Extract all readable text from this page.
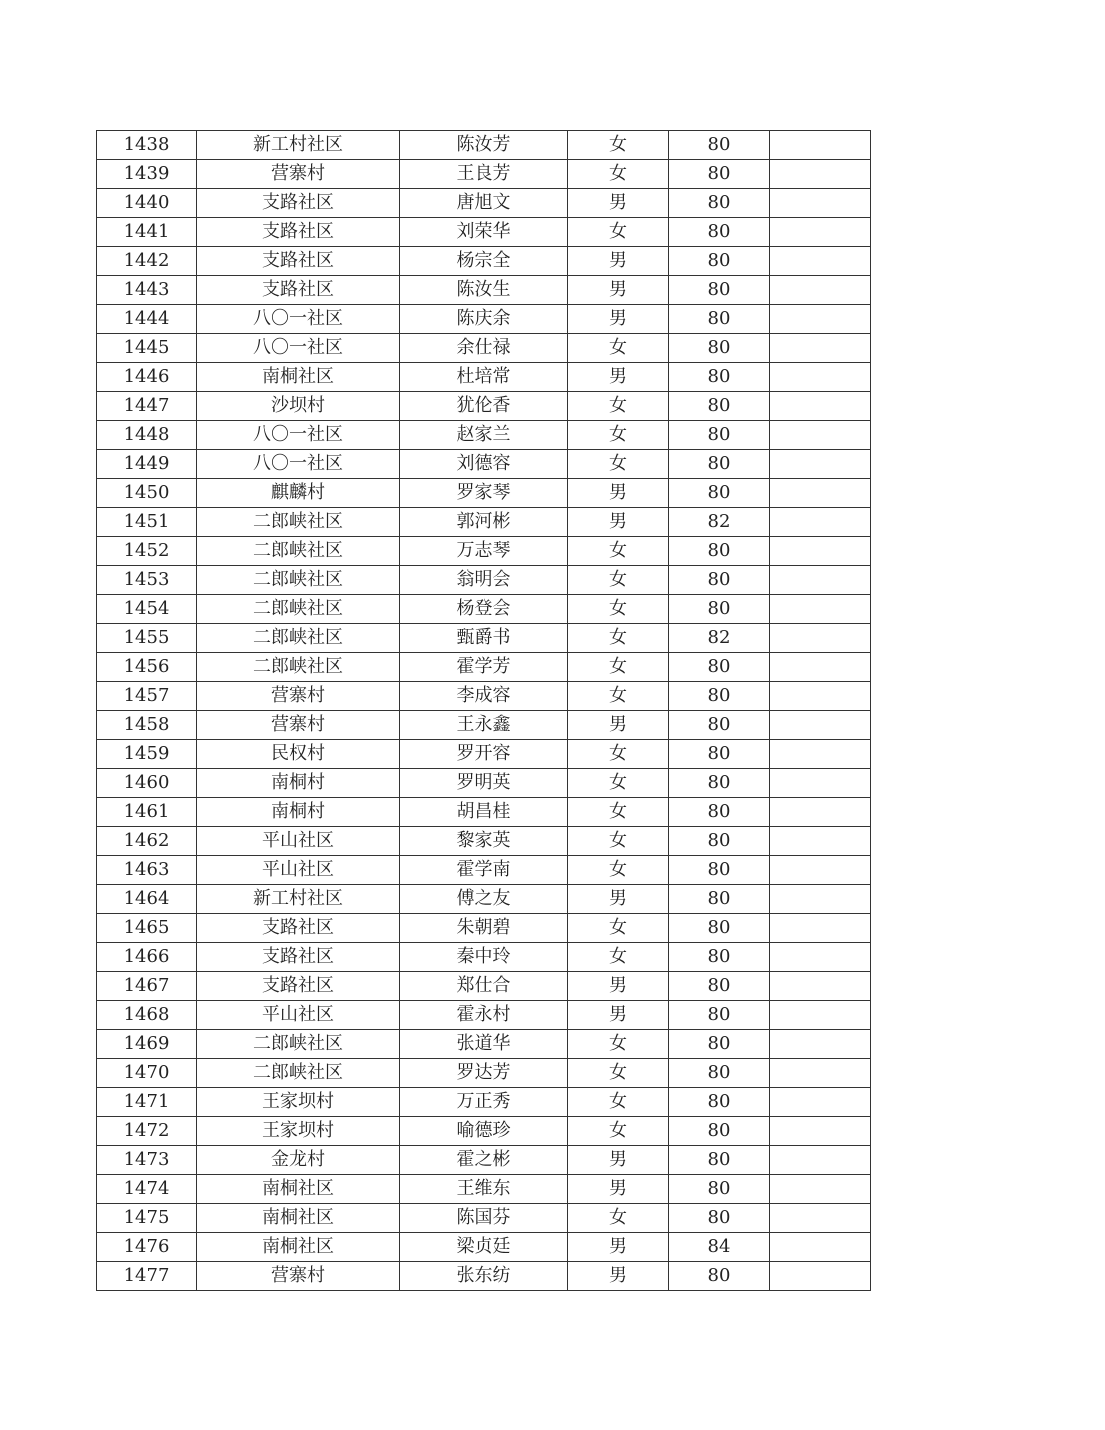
1438	新工村社区	陈汝芳	女	80	
1439	营寨村	王良芳	女	80	
1440	支路社区	唐旭文	男	80	
1441	支路社区	刘荣华	女	80	
1442	支路社区	杨宗全	男	80	
1443	支路社区	陈汝生	男	80	
1444	八〇一社区	陈庆余	男	80	
1445	八〇一社区	余仕禄	女	80	
1446	南桐社区	杜培常	男	80	
1447	沙坝村	犹伦香	女	80	
1448	八〇一社区	赵家兰	女	80	
1449	八〇一社区	刘德容	女	80	
1450	麒麟村	罗家琴	男	80	
1451	二郎峡社区	郭河彬	男	82	
1452	二郎峡社区	万志琴	女	80	
1453	二郎峡社区	翁明会	女	80	
1454	二郎峡社区	杨登会	女	80	
1455	二郎峡社区	甄爵书	女	82	
1456	二郎峡社区	霍学芳	女	80	
1457	营寨村	李成容	女	80	
1458	营寨村	王永鑫	男	80	
1459	民权村	罗开容	女	80	
1460	南桐村	罗明英	女	80	
1461	南桐村	胡昌桂	女	80	
1462	平山社区	黎家英	女	80	
1463	平山社区	霍学南	女	80	
1464	新工村社区	傅之友	男	80	
1465	支路社区	朱朝碧	女	80	
1466	支路社区	秦中玲	女	80	
1467	支路社区	郑仕合	男	80	
1468	平山社区	霍永村	男	80	
1469	二郎峡社区	张道华	女	80	
1470	二郎峡社区	罗达芳	女	80	
1471	王家坝村	万正秀	女	80	
1472	王家坝村	喻德珍	女	80	
1473	金龙村	霍之彬	男	80	
1474	南桐社区	王维东	男	80	
1475	南桐社区	陈国芬	女	80	
1476	南桐社区	梁贞廷	男	84	
1477	营寨村	张东纺	男	80	
